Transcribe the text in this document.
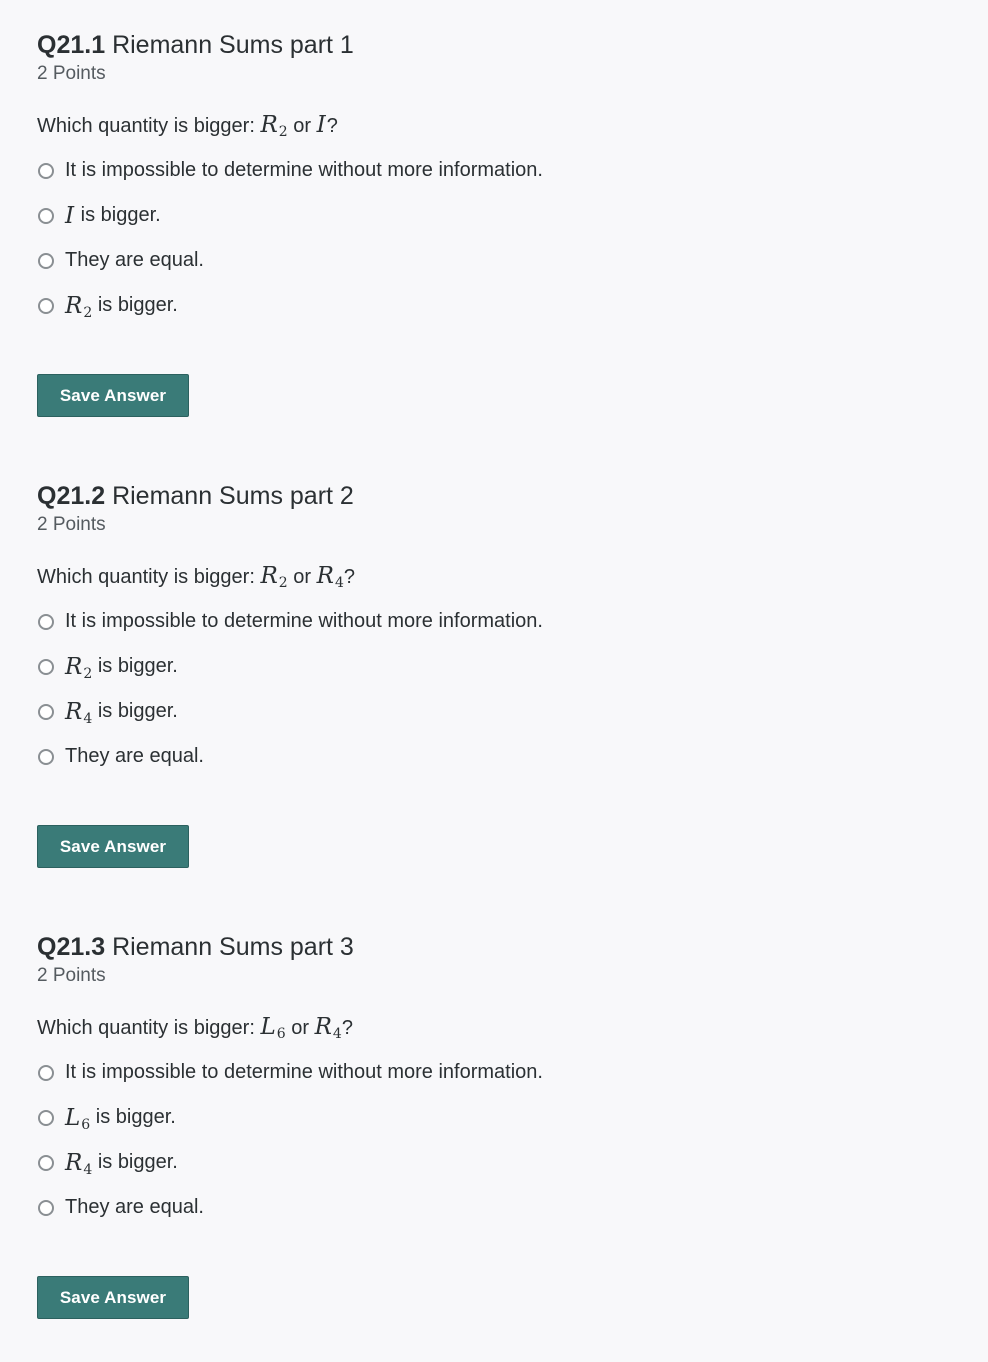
Q21.1 Riemann Sums part 1
2 Points
Which quantity is bigger: $R_2$ or I?
It is impossible to determine without more information.
I
is bigger.
They are equal.
$R_2$
is bigger.
Save Answer
Q21.2 Riemann Sums part 2
2 Points
Which quantity is bigger: $R_2$ or $R_4$?
It is impossible to determine without more information.
$R_2$
is bigger.
$R_4$
is bigger.
They are equal.
Save Answer
Q21.3 Riemann Sums part 3
2 Points
Which quantity is bigger: $L_6$ or $R_4$?
It is impossible to determine without more information.
$L_6$
is bigger.
$R_4$
is bigger.
They are equal.
Save Answer
